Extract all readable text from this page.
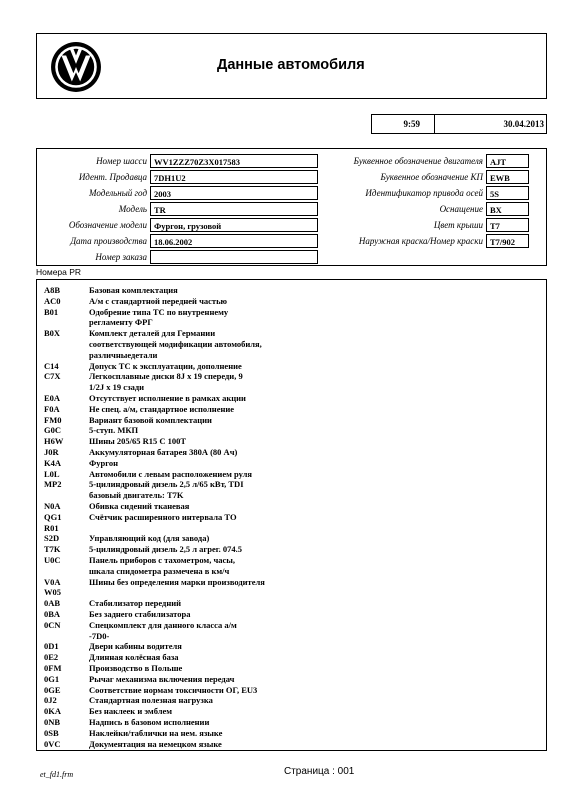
Данные автомобиля
9:59	30.04.2013
Номер шасси WV1ZZZ70Z3X017583
Идент. Продавца 7DH1U2
Модельный год 2003
Модель TR
Обозначение модели Фургон, грузовой
Дата производства 18.06.2002
Номер заказа
Буквенное обозначение двигателя AJT
Буквенное обозначение КП EWB
Идентификатор привода осей 5S
Оснащение BX
Цвет крыши T7
Наружная краска/Номер краски T7/902
Номера PR
A8B	Базовая комплектация
AC0	А/м с стандартной передней частью
B01	Одобрение типа ТС по внутреннему
регламенту ФРГ
B0X	Комплект деталей для Германии
соответствующей модификации автомобиля,
различныедетали
C14	Допуск ТС к эксплуатации, дополнение
C7X	Легкосплавные диски 8J x 19 спереди, 9
1/2J x 19 сзади
E0A	Отсутствует исполнение в рамках акции
F0A	Не спец. а/м, стандартное исполнение
FM0	Вариант базовой комплектации
G0C	5-ступ. МКП
H6W	Шины 205/65 R15 C 100T
J0R	Аккумуляторная батарея 380А (80 Ач)
K4A	Фургон
L0L	Автомобили с левым расположением руля
MP2	5-цилиндровый дизель 2,5 л/65 кВт, TDI
базовый двигатель: T7K
N0A	Обивка сидений тканевая
QG1	Счётчик расширенного интервала ТО
R01
S2D	Управляющий код (для завода)
T7K	5-цилиндровый дизель 2,5 л агрег. 074.5
U0C	Панель приборов с тахометром, часы,
шкала спидометра размечена в км/ч
V0A	Шины без определения марки производителя
W05
0AB	Стабилизатор передний
0BA	Без заднего стабилизатора
0CN	Спецкомплект для данного класса а/м
-7D0-
0D1	Двери кабины водителя
0E2	Длинная колёсная база
0FM	Производство в Польше
0G1	Рычаг механизма включения передач
0GE	Соответствие нормам токсичности ОГ, EU3
0J2	Стандартная полезная нагрузка
0KA	Без наклеек и эмблем
0NB	Надпись в базовом исполнении
0SB	Наклейки/таблички на нем. языке
0VC	Документация на немецком языке
et_fd1.frm	Страница : 001
